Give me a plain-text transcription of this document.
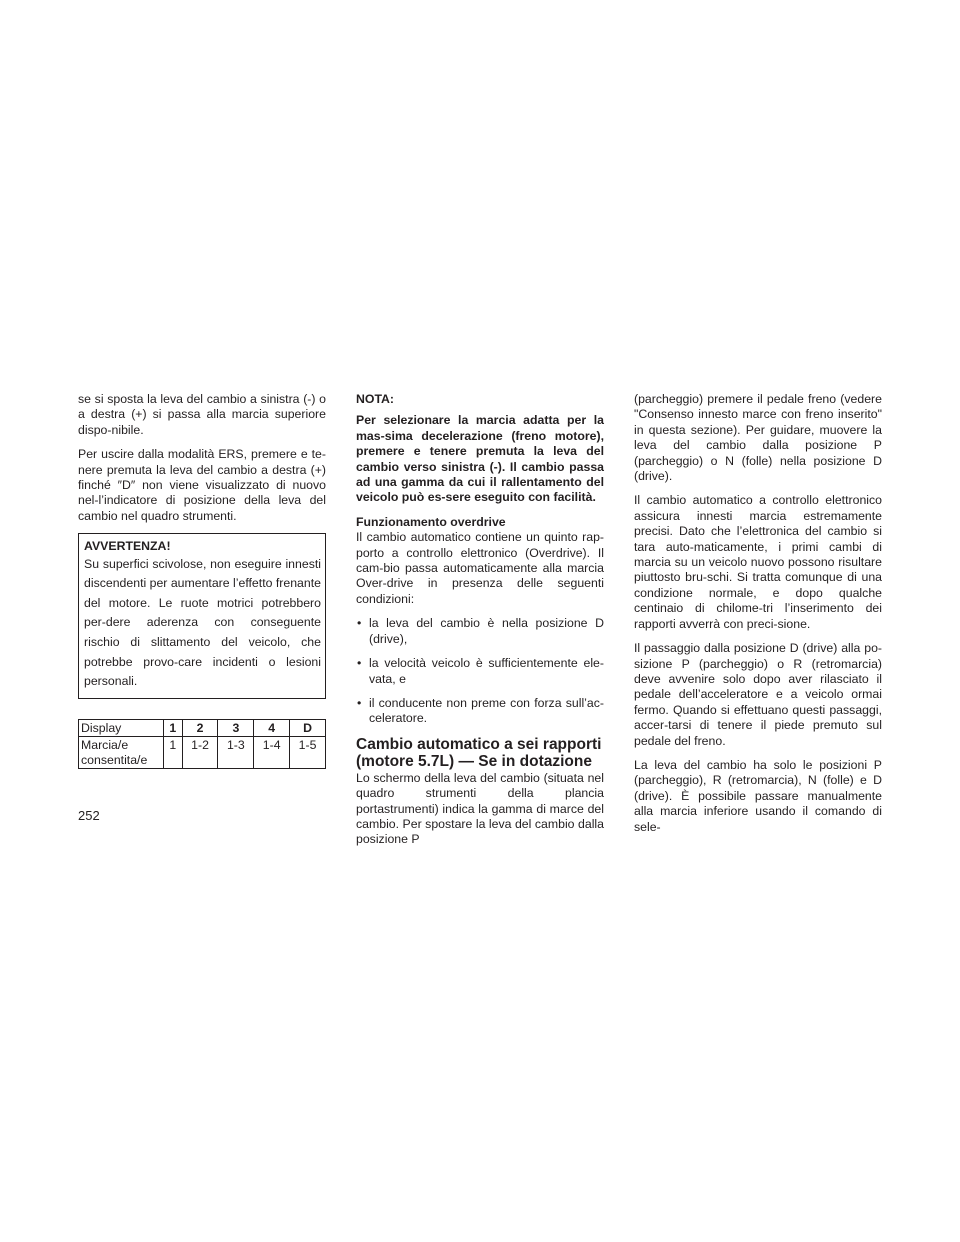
se si sposta la leva del cambio a sinistra (-) o a destra (+) si passa alla marcia superiore dispo-nibile.

Per uscire dalla modalità ERS, premere e te-nere premuta la leva del cambio a destra (+) finché ″D″ non viene visualizzato di nuovo nel-l’indicatore di posizione della leva del cambio nel quadro strumenti.

AVVERTENZA!
Su superfici scivolose, non eseguire innesti discendenti per aumentare l’effetto frenante del motore. Le ruote motrici potrebbero per-dere aderenza con conseguente rischio di slittamento del veicolo, che potrebbe provo-care incidenti o lesioni personali.
Display	1	2	3	4	D
Marcia/e consentita/e	1	1-2	1-3	1-4	1-5
NOTA:
Per selezionare la marcia adatta per la mas-sima decelerazione (freno motore), premere e tenere premuta la leva del cambio verso sinistra (-). Il cambio passa ad una gamma da cui il rallentamento del veicolo può es-sere eseguito con facilità.
Funzionamento overdrive

Il cambio automatico contiene un quinto rap-porto a controllo elettronico (Overdrive). Il cam-bio passa automaticamente alla marcia Over-drive in presenza delle seguenti condizioni:

• la leva del cambio è nella posizione D (drive),
• la velocità veicolo è sufficientemente ele-vata, e
• il conducente non preme con forza sull’ac-celeratore.
Cambio automatico a sei rapporti
(motore 5.7L) — Se in dotazione

Lo schermo della leva del cambio (situata nel quadro strumenti della plancia portastrumenti) indica la gamma di marce del cambio. Per spostare la leva del cambio dalla posizione P

(parcheggio) premere il pedale freno (vedere "Consenso innesto marce con freno inserito" in questa sezione). Per guidare, muovere la leva del cambio dalla posizione P (parcheggio) o N (folle) nella posizione D (drive).

Il cambio automatico a controllo elettronico assicura innesti marcia estremamente precisi. Dato che l’elettronica del cambio si tara auto-maticamente, i primi cambi di marcia su un veicolo nuovo possono risultare piuttosto bru-schi. Si tratta comunque di una condizione normale, e dopo qualche centinaio di chilome-tri l’inserimento dei rapporti avverrà con preci-sione.

Il passaggio dalla posizione D (drive) alla po-sizione P (parcheggio) o R (retromarcia) deve avvenire solo dopo aver rilasciato il pedale dell’acceleratore e a veicolo ormai fermo. Quando si effettuano questi passaggi, accer-tarsi di tenere il piede premuto sul pedale del freno.

La leva del cambio ha solo le posizioni P (parcheggio), R (retromarcia), N (folle) e D (drive). È possibile passare manualmente alla marcia inferiore usando il comando di sele-

252
